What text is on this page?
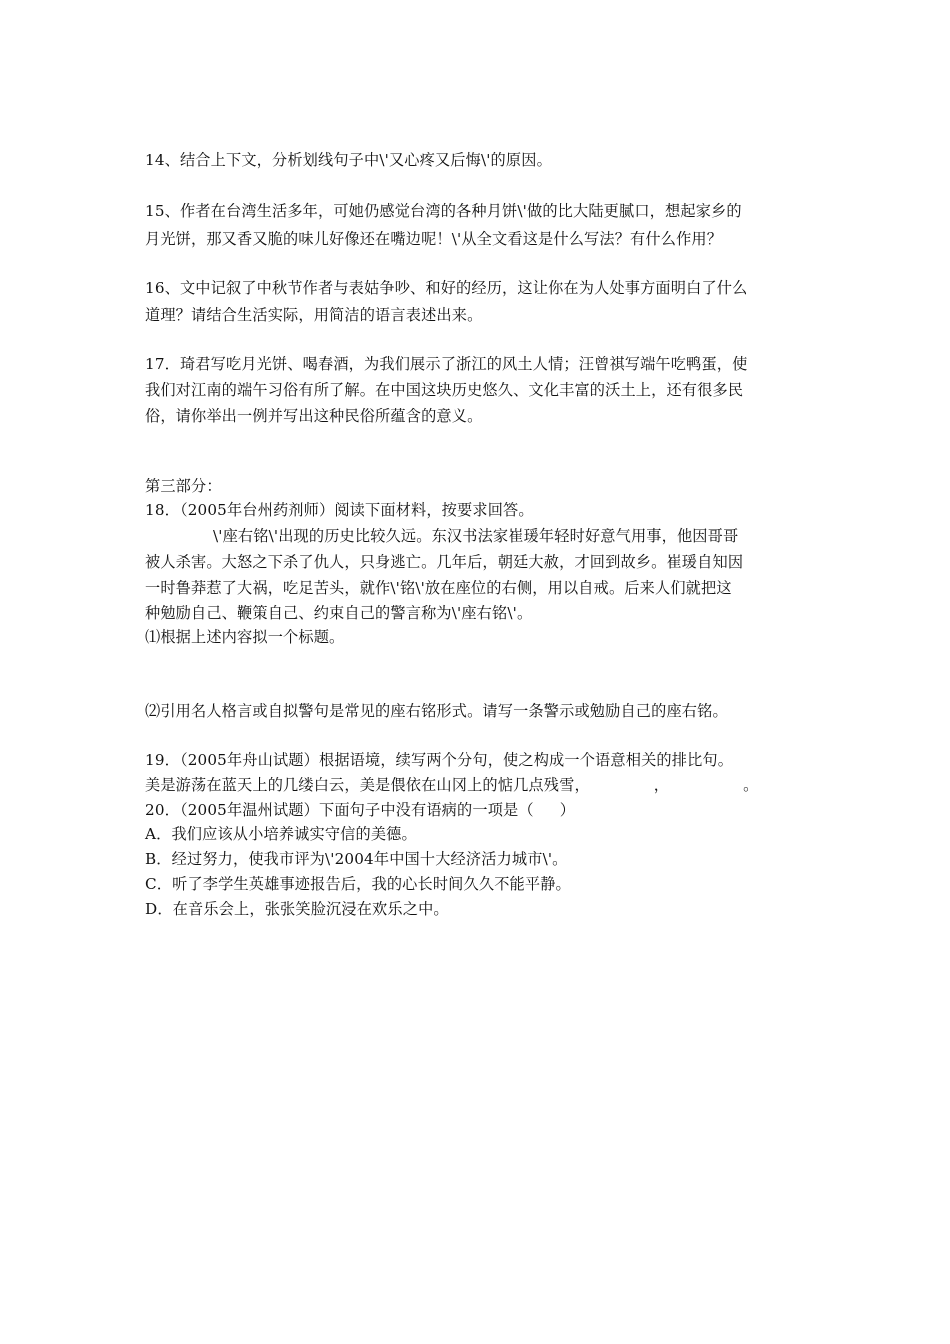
14、结合上下文，分析划线句子中\'又心疼又后悔\'的原因。
15、作者在台湾生活多年，可她仍感觉台湾的各种月饼\'做的比大陆更腻口，想起家乡的
月光饼，那又香又脆的味儿好像还在嘴边呢！\'从全文看这是什么写法？有什么作用？
16、文中记叙了中秋节作者与表姑争吵、和好的经历，这让你在为人处事方面明白了什么
道理？请结合生活实际，用简洁的语言表述出来。
17．琦君写吃月光饼、喝春酒，为我们展示了浙江的风土人情；汪曾祺写端午吃鸭蛋，使
我们对江南的端午习俗有所了解。在中国这块历史悠久、文化丰富的沃土上，还有很多民
俗，请你举出一例并写出这种民俗所蕴含的意义。
第三部分：
18．（2005年台州药剂师）阅读下面材料，按要求回答。
\'座右铭\'出现的历史比较久远。东汉书法家崔瑗年轻时好意气用事，他因哥哥
被人杀害。大怒之下杀了仇人，只身逃亡。几年后，朝廷大赦，才回到故乡。崔瑗自知因
一时鲁莽惹了大祸，吃足苦头，就作\'铭\'放在座位的右侧，用以自戒。后来人们就把这
种勉励自己、鞭策自己、约束自己的警言称为\'座右铭\'。
⑴根据上述内容拟一个标题。
⑵引用名人格言或自拟警句是常见的座右铭形式。请写一条警示或勉励自己的座右铭。
19．（2005年舟山试题）根据语境，续写两个分句，使之构成一个语意相关的排比句。
美是游荡在蓝天上的几缕白云，美是偎依在山冈上的惦几点残雪，	，	。
20．（2005年温州试题）下面句子中没有语病的一项是（ ）
A．我们应该从小培养诚实守信的美德。
B．经过努力，使我市评为\'2004年中国十大经济活力城市\'。
C．听了李学生英雄事迹报告后，我的心长时间久久不能平静。
D．在音乐会上，张张笑脸沉浸在欢乐之中。
